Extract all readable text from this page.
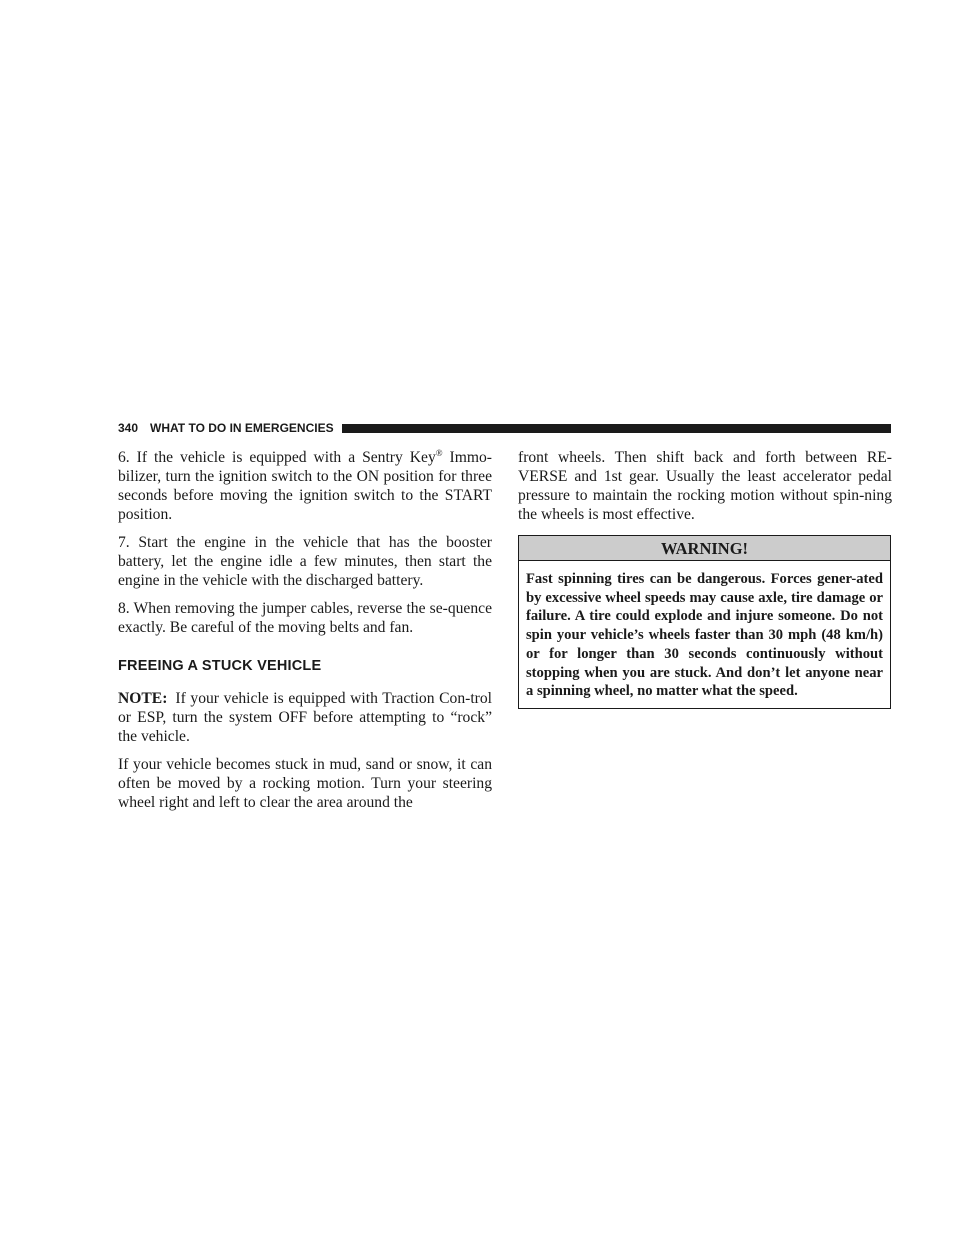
340 WHAT TO DO IN EMERGENCIES

6. If the vehicle is equipped with a Sentry Key® Immo-bilizer, turn the ignition switch to the ON position for three seconds before moving the ignition switch to the START position.

7. Start the engine in the vehicle that has the booster battery, let the engine idle a few minutes, then start the engine in the vehicle with the discharged battery.

8. When removing the jumper cables, reverse the se-quence exactly. Be careful of the moving belts and fan.

FREEING A STUCK VEHICLE

NOTE: If your vehicle is equipped with Traction Con-trol or ESP, turn the system OFF before attempting to “rock” the vehicle.

If your vehicle becomes stuck in mud, sand or snow, it can often be moved by a rocking motion. Turn your steering wheel right and left to clear the area around the

front wheels. Then shift back and forth between RE-VERSE and 1st gear. Usually the least accelerator pedal pressure to maintain the rocking motion without spin-ning the wheels is most effective.

WARNING!
Fast spinning tires can be dangerous. Forces gener-ated by excessive wheel speeds may cause axle, tire damage or failure. A tire could explode and injure someone. Do not spin your vehicle’s wheels faster than 30 mph (48 km/h) or for longer than 30 seconds continuously without stopping when you are stuck. And don’t let anyone near a spinning wheel, no matter what the speed.
